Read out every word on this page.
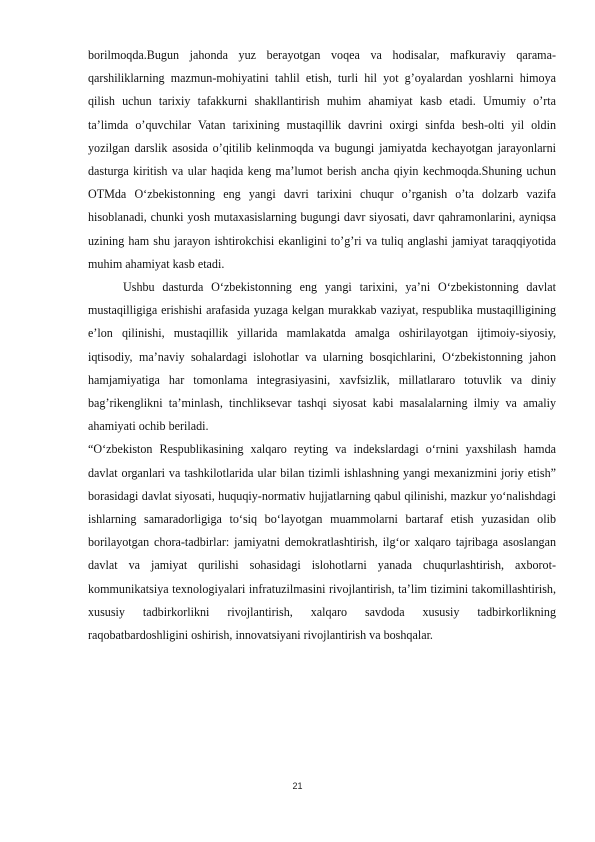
borilmoqda.Bugun jahonda yuz berayotgan voqea va hodisalar, mafkuraviy qarama-qarshiliklarning mazmun-mohiyatini tahlil etish, turli hil yot g’oyalardan yoshlarni himoya qilish uchun tarixiy tafakkurni shakllantirish muhim ahamiyat kasb etadi. Umumiy o’rta ta’limda o’quvchilar Vatan tarixining mustaqillik davrini oxirgi sinfda besh-olti yil oldin yozilgan darslik asosida o’qitilib kelinmoqda va bugungi jamiyatda kechayotgan jarayonlarni dasturga kiritish va ular haqida keng ma’lumot berish ancha qiyin kechmoqda.Shuning uchun OTMda O‘zbekistonning eng yangi davri tarixini chuqur o’rganish o’ta dolzarb vazifa hisoblanadi, chunki yosh mutaxasislarning bugungi davr siyosati, davr qahramonlarini, ayniqsa uzining ham shu jarayon ishtirokchisi ekanligini to’g’ri va tuliq anglashi jamiyat taraqqiyotida muhim ahamiyat kasb etadi.

Ushbu dasturda O‘zbekistonning eng yangi tarixini, ya’ni O‘zbekistonning davlat mustaqilligiga erishishi arafasida yuzaga kelgan murakkab vaziyat, respublika mustaqilligining e’lon qilinishi, mustaqillik yillarida mamlakatda amalga oshirilayotgan ijtimoiy-siyosiy, iqtisodiy, ma’naviy sohalardagi islohotlar va ularning bosqichlarini, O‘zbekistonning jahon hamjamiyatiga har tomonlama integrasiyasini, xavfsizlik, millatlararo totuvlik va diniy bag’rikenglikni ta’minlash, tinchliksevar tashqi siyosat kabi masalalarning ilmiy va amaliy ahamiyati ochib beriladi.

“O‘zbekiston Respublikasining xalqaro reyting va indekslardagi o‘rnini yaxshilash hamda davlat organlari va tashkilotlarida ular bilan tizimli ishlashning yangi mexanizmini joriy etish” borasidagi davlat siyosati, huquqiy-normativ hujjatlarning qabul qilinishi, mazkur yo‘nalishdagi ishlarning samaradorligiga to‘siq bo‘layotgan muammolarni bartaraf etish yuzasidan olib borilayotgan chora-tadbirlar: jamiyatni demokratlashtirish, ilg‘or xalqaro tajribaga asoslangan davlat va jamiyat qurilishi sohasidagi islohotlarni yanada chuqurlashtirish, axborot-kommunikatsiya texnologiyalari infratuzilmasini rivojlantirish, ta’lim tizimini takomillashtirish, xususiy tadbirkorlikni rivojlantirish, xalqaro savdoda xususiy tadbirkorlikning raqobatbardoshligini oshirish, innovatsiyani rivojlantirish va boshqalar.

21
